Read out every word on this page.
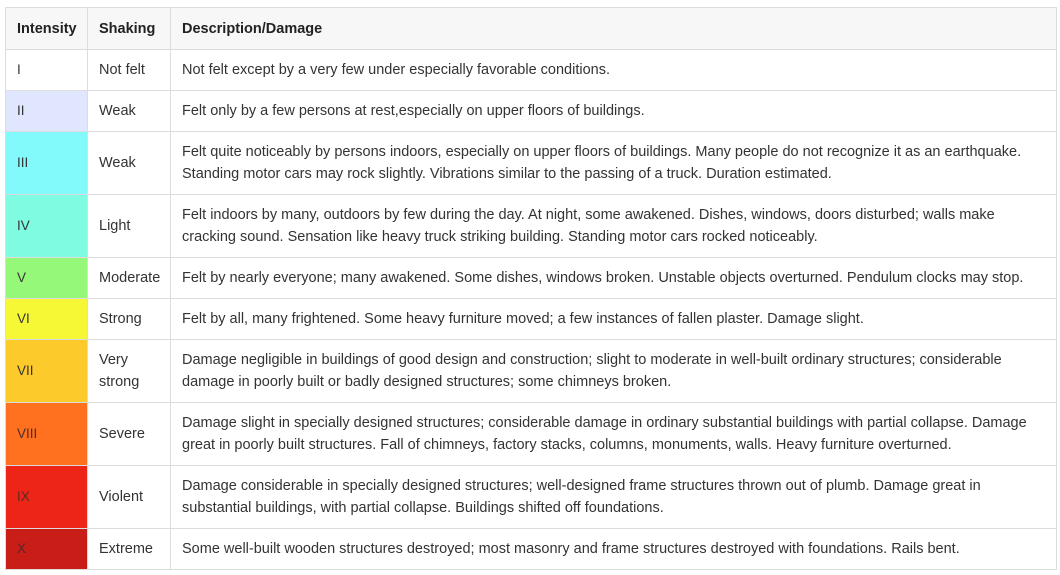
Intensity	Shaking	Description/Damage
I	Not felt	Not felt except by a very few under especially favorable conditions.
II	Weak	Felt only by a few persons at rest,especially on upper floors of buildings.
III	Weak	Felt quite noticeably by persons indoors, especially on upper floors of buildings. Many people do not recognize it as an earthquake. Standing motor cars may rock slightly. Vibrations similar to the passing of a truck. Duration estimated.
IV	Light	Felt indoors by many, outdoors by few during the day. At night, some awakened. Dishes, windows, doors disturbed; walls make cracking sound. Sensation like heavy truck striking building. Standing motor cars rocked noticeably.
V	Moderate	Felt by nearly everyone; many awakened. Some dishes, windows broken. Unstable objects overturned. Pendulum clocks may stop.
VI	Strong	Felt by all, many frightened. Some heavy furniture moved; a few instances of fallen plaster. Damage slight.
VII	Very strong	Damage negligible in buildings of good design and construction; slight to moderate in well-built ordinary structures; considerable damage in poorly built or badly designed structures; some chimneys broken.
VIII	Severe	Damage slight in specially designed structures; considerable damage in ordinary substantial buildings with partial collapse. Damage great in poorly built structures. Fall of chimneys, factory stacks, columns, monuments, walls. Heavy furniture overturned.
IX	Violent	Damage considerable in specially designed structures; well-designed frame structures thrown out of plumb. Damage great in substantial buildings, with partial collapse. Buildings shifted off foundations.
X	Extreme	Some well-built wooden structures destroyed; most masonry and frame structures destroyed with foundations. Rails bent.
